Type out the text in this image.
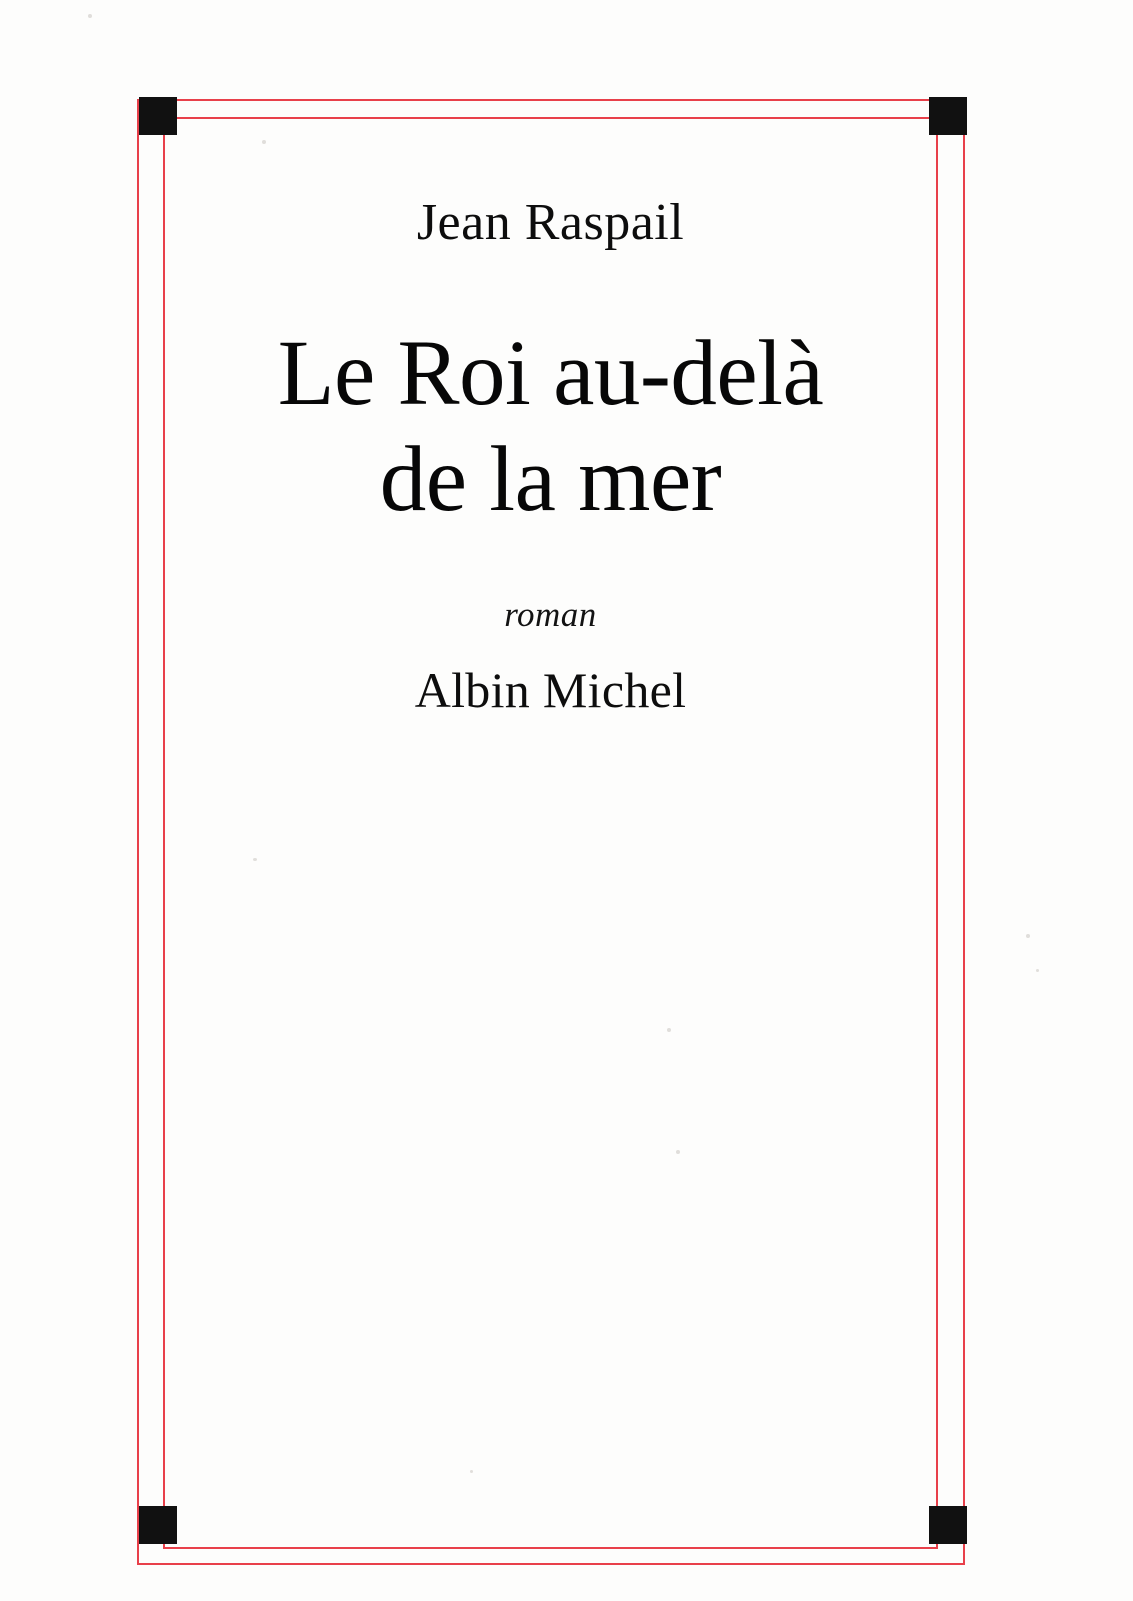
Jean Raspail
Le Roi au-delà
de la mer
roman
Albin Michel
